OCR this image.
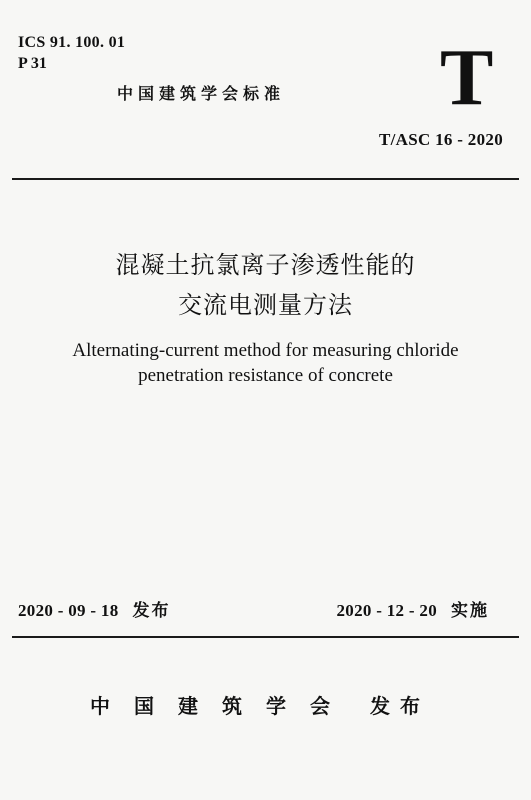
ICS 91. 100. 01
P 31
中国建筑学会标准 T
T/ASC 16 - 2020
混凝土抗氯离子渗透性能的
交流电测量方法
Alternating-current method for measuring chloride
penetration resistance of concrete
2020 - 09 - 18 发布	2020 - 12 - 20 实施
中国建筑学会 发布
